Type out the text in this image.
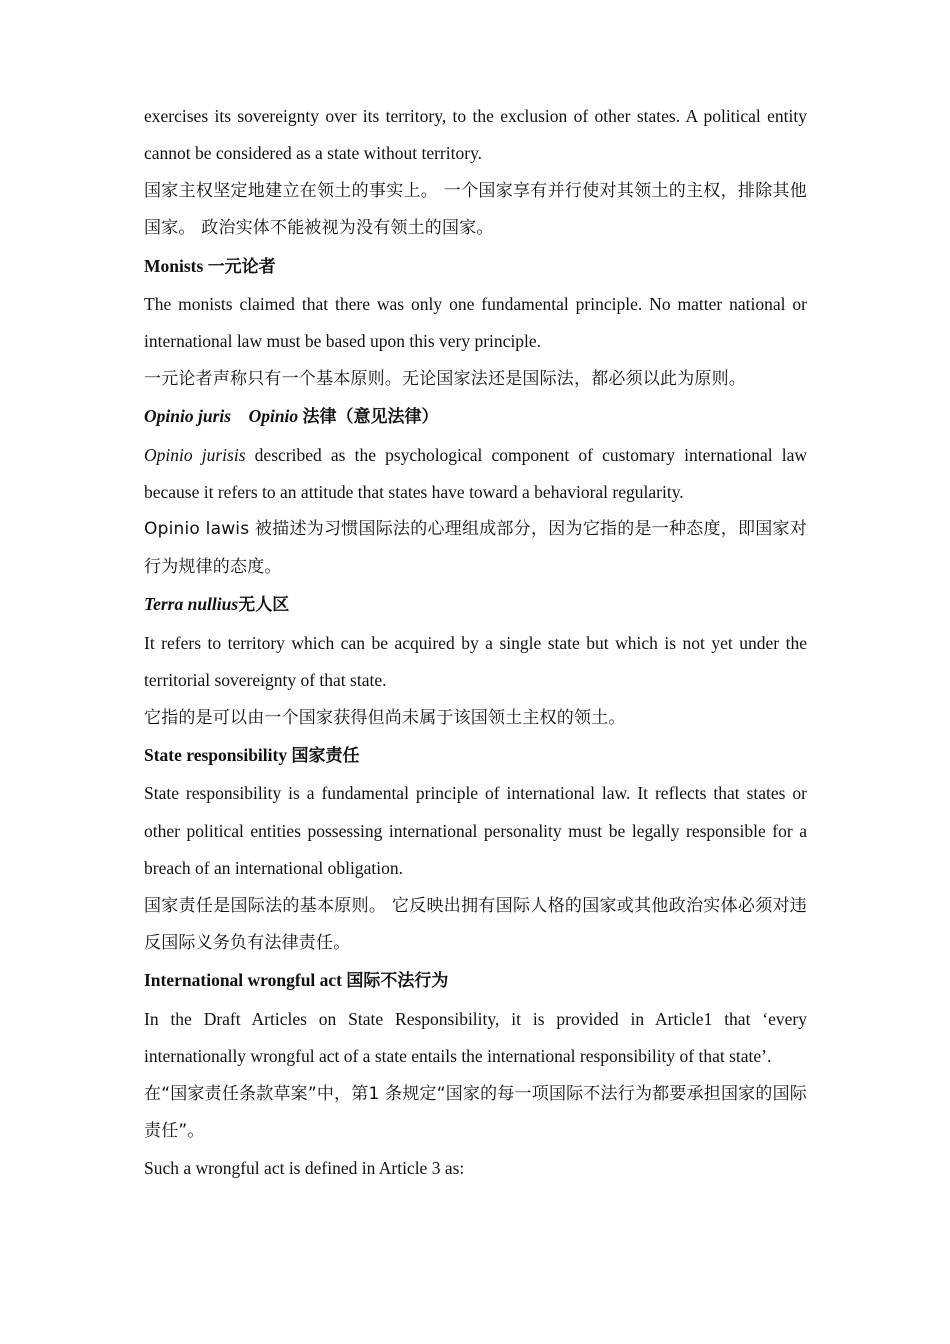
exercises its sovereignty over its territory, to the exclusion of other states. A political entity cannot be considered as a state without territory.

国家主权坚定地建立在领土的事实上。 一个国家享有并行使对其领土的主权，排除其他国家。 政治实体不能被视为没有领土的国家。

Monists 一元论者

The monists claimed that there was only one fundamental principle. No matter national or international law must be based upon this very principle.

一元论者声称只有一个基本原则。无论国家法还是国际法，都必须以此为原则。

Opinio juris Opinio 法律（意见法律）

Opinio jurisis described as the psychological component of customary international law because it refers to an attitude that states have toward a behavioral regularity.

Opinio lawis 被描述为习惯国际法的心理组成部分，因为它指的是一种态度，即国家对行为规律的态度。

Terra nullius无人区

It refers to territory which can be acquired by a single state but which is not yet under the territorial sovereignty of that state.

它指的是可以由一个国家获得但尚未属于该国领土主权的领土。

State responsibility 国家责任

State responsibility is a fundamental principle of international law. It reflects that states or other political entities possessing international personality must be legally responsible for a breach of an international obligation.

国家责任是国际法的基本原则。 它反映出拥有国际人格的国家或其他政治实体必须对违反国际义务负有法律责任。

International wrongful act 国际不法行为

In the Draft Articles on State Responsibility, it is provided in Article1 that ‘every internationally wrongful act of a state entails the international responsibility of that state’.

在“国家责任条款草案”中，第1 条规定“国家的每一项国际不法行为都要承担国家的国际责任”。

Such a wrongful act is defined in Article 3 as:
